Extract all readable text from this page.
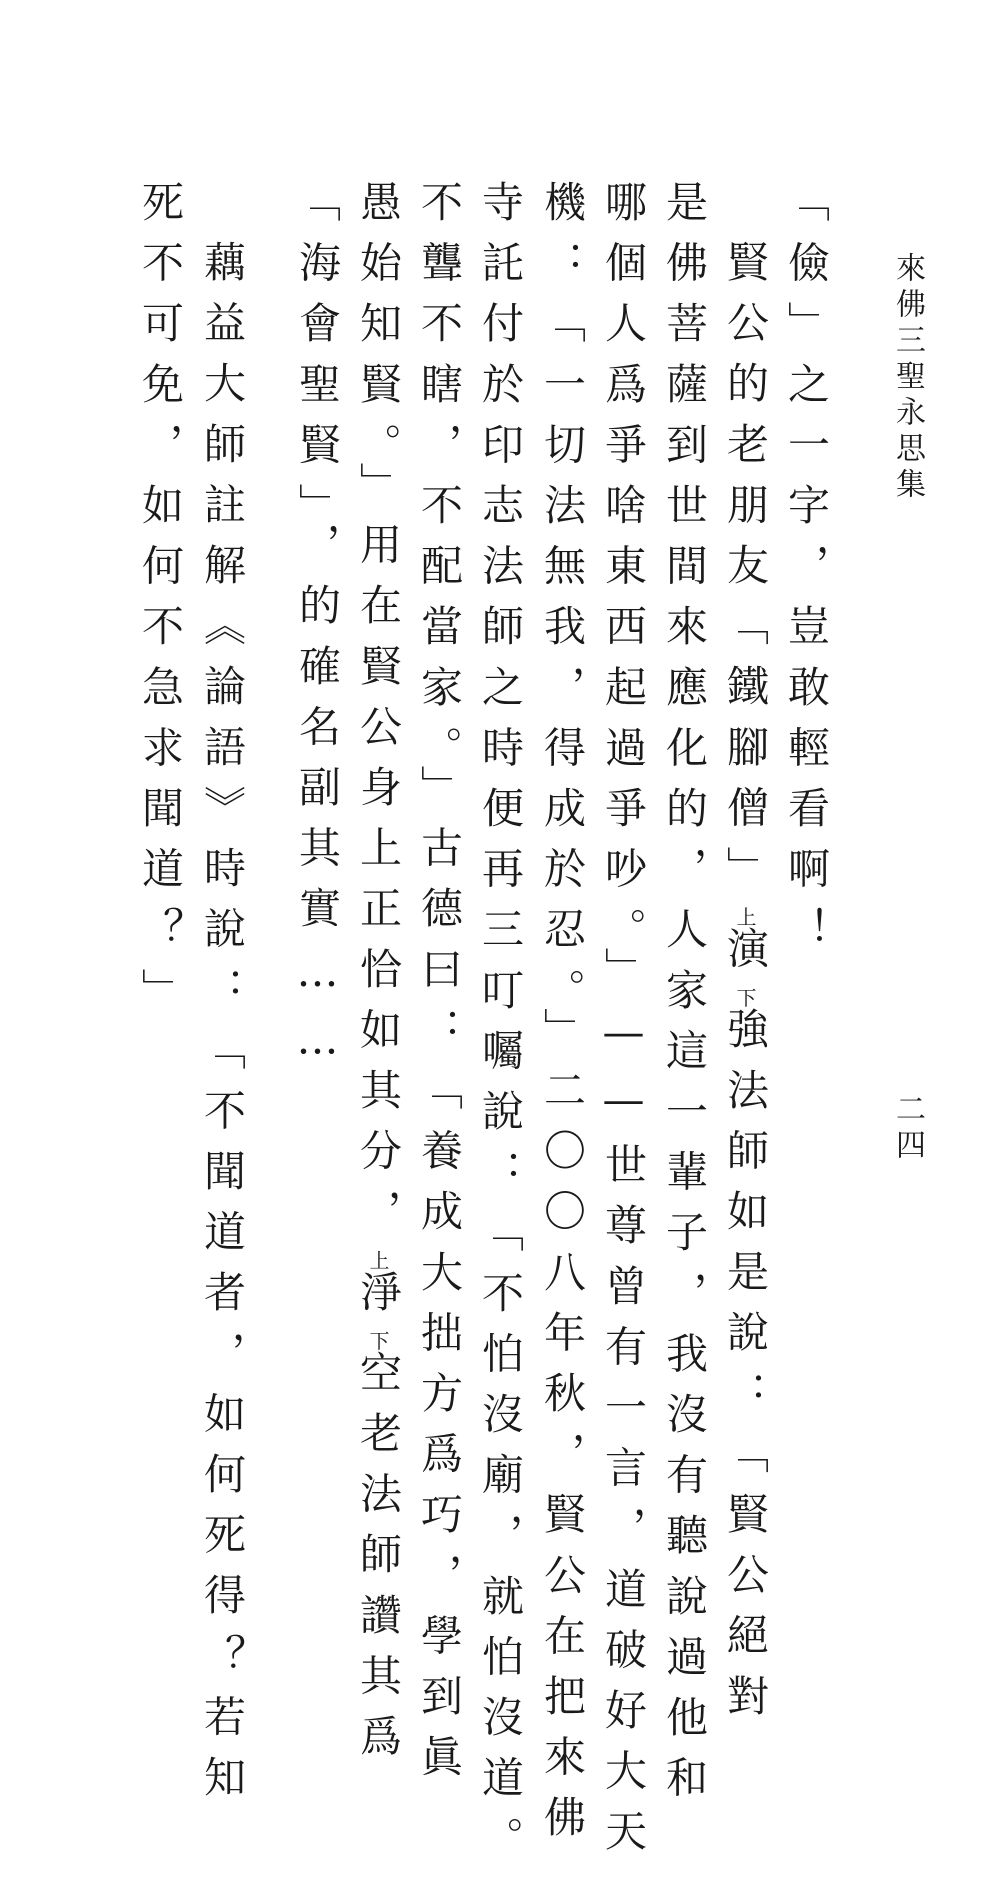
來佛三聖永思集
二四
「儉」之一字，豈敢輕看啊！
賢公的老朋友「鐵腳僧」上演下強法師如是說：「賢公絕對
是佛菩薩到世間來應化的，人家這一輩子，我沒有聽說過他和
哪個人爲爭啥東西起過爭吵。」——世尊曾有一言，道破好大天
機：「一切法無我，得成於忍。」二〇〇八年秋，賢公在把來佛
寺託付於印志法師之時便再三叮囑說：「不怕沒廟，就怕沒道。
不聾不瞎，不配當家。」古德曰：「養成大拙方爲巧，學到眞
愚始知賢。」用在賢公身上正恰如其分，上淨下空老法師讚其爲
「海會聖賢」，的確名副其實……
藕益大師註解《論語》時說：「不聞道者，如何死得？若知
死不可免，如何不急求聞道？」
